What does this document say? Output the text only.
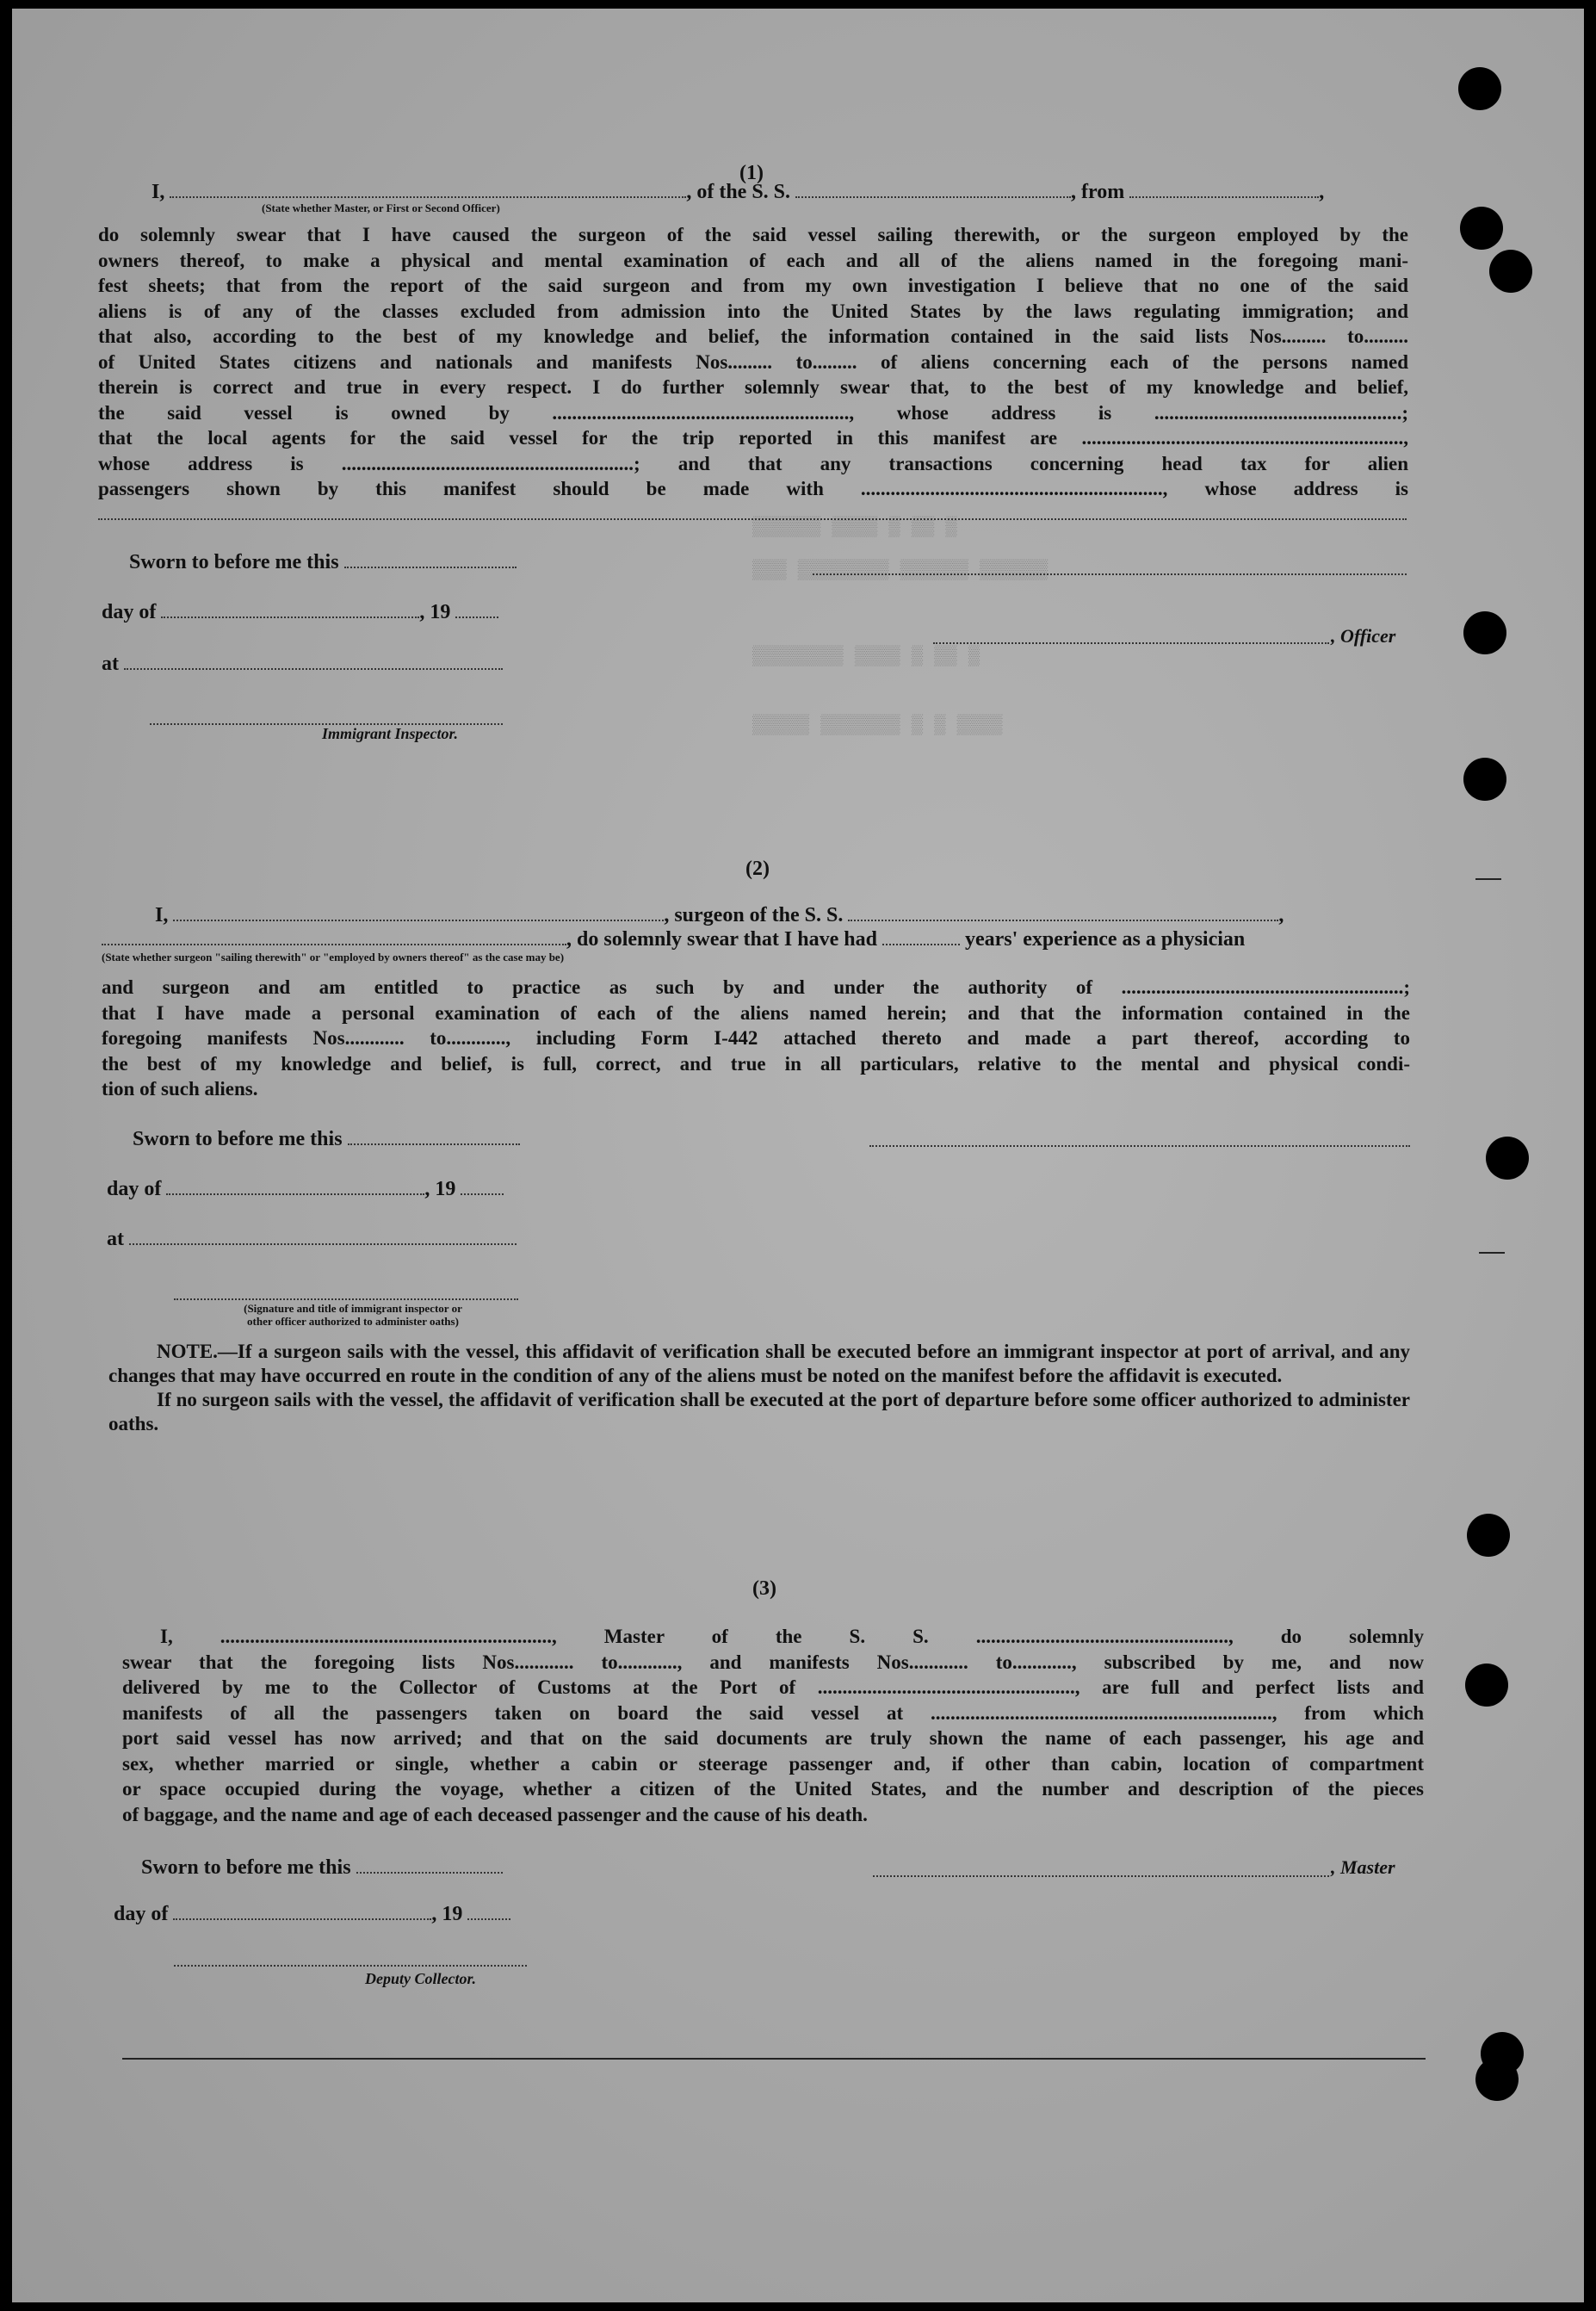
▒▒▒▒▒▒ ▒▒▒▒ ▒ ▒▒ ▒
▒▒▒ ▒▒▒▒▒▒▒▒ ▒▒▒▒▒▒ ▒▒▒▒▒▒
▒▒▒▒▒▒▒▒ ▒▒▒▒ ▒ ▒▒ ▒
▒▒▒▒▒ ▒▒▒▒▒▒▒ ▒ ▒ ▒▒▒▒
(1)
I,	, of the S. S.	, from	,
(State whether Master, or First or Second Officer)
do solemnly swear that I have caused the surgeon of the said vessel sailing therewith, or the surgeon employed by the
owners thereof, to make a physical and mental examination of each and all of the aliens named in the foregoing mani-
fest sheets; that from the report of the said surgeon and from my own investigation I believe that no one of the said
aliens is of any of the classes excluded from admission into the United States by the laws regulating immigration; and
that also, according to the best of my knowledge and belief, the information contained in the said lists Nos......... to.........
of United States citizens and nationals and manifests Nos......... to......... of aliens concerning each of the persons named
therein is correct and true in every respect. I do further solemnly swear that, to the best of my knowledge and belief,
the said vessel is owned by ............................................................, whose address is ..................................................;
that the local agents for the said vessel for the trip reported in this manifest are .................................................................,
whose address is ...........................................................; and that any transactions concerning head tax for alien
passengers shown by this manifest should be made with ............................................................., whose address is
Sworn to before me this
day of	, 19
, Officer
at
Immigrant Inspector.
(2)
I,	, surgeon of the S. S.	,
, do solemnly swear that I have had	years' experience as a physician
(State whether surgeon "sailing therewith" or "employed by owners thereof" as the case may be)
and surgeon and am entitled to practice as such by and under the authority of .........................................................;
that I have made a personal examination of each of the aliens named herein; and that the information contained in the
foregoing manifests Nos............ to............, including Form I-442 attached thereto and made a part thereof, according to
the best of my knowledge and belief, is full, correct, and true in all particulars, relative to the mental and physical condi-
tion of such aliens.
Sworn to before me this
day of	, 19
at
(Signature and title of immigrant inspector or
other officer authorized to administer oaths)
NOTE.—If a surgeon sails with the vessel, this affidavit of verification shall be executed before an immigrant inspector at port of arrival, and any changes that may have occurred en route in the condition of any of the aliens must be noted on the manifest before the affidavit is executed.
If no surgeon sails with the vessel, the affidavit of verification shall be executed at the port of departure before some officer authorized to administer oaths.
(3)
I, ..................................................................., Master of the S. S. ..................................................., do solemnly
swear that the foregoing lists Nos............ to............, and manifests Nos............ to............, subscribed by me, and now
delivered by me to the Collector of Customs at the Port of ...................................................., are full and perfect lists and
manifests of all the passengers taken on board the said vessel at ....................................................................., from which
port said vessel has now arrived; and that on the said documents are truly shown the name of each passenger, his age and
sex, whether married or single, whether a cabin or steerage passenger and, if other than cabin, location of compartment
or space occupied during the voyage, whether a citizen of the United States, and the number and description of the pieces
of baggage, and the name and age of each deceased passenger and the cause of his death.
Sworn to before me this	, Master
day of	, 19
Deputy Collector.
